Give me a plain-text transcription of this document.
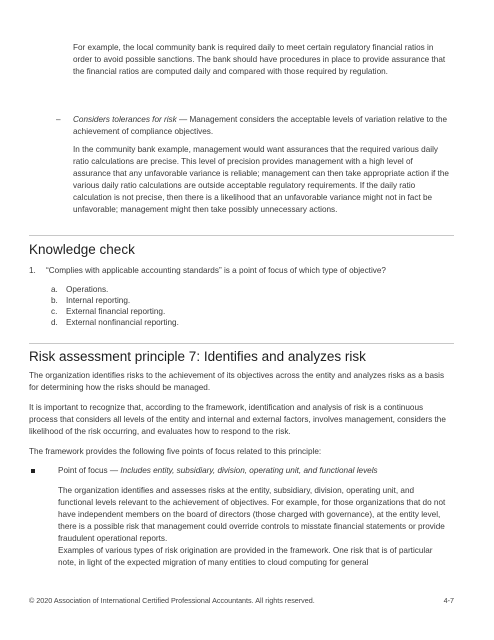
For example, the local community bank is required daily to meet certain regulatory financial ratios in order to avoid possible sanctions. The bank should have procedures in place to provide assurance that the financial ratios are computed daily and compared with those required by regulation.

–	Considers tolerances for risk — Management considers the acceptable levels of variation relative to the achievement of compliance objectives.

In the community bank example, management would want assurances that the required various daily ratio calculations are precise. This level of precision provides management with a high level of assurance that any unfavorable variance is reliable; management can then take appropriate action if the various daily ratio calculations are outside acceptable regulatory requirements. If the daily ratio calculation is not precise, then there is a likelihood that an unfavorable variance might not in fact be unfavorable; management might then take possibly unnecessary actions.

Knowledge check
1. “Complies with applicable accounting standards” is a point of focus of which type of objective?

a. Operations.
b. Internal reporting.
c. External financial reporting.
d. External nonfinancial reporting.
Risk assessment principle 7: Identifies and analyzes risk

The organization identifies risks to the achievement of its objectives across the entity and analyzes risks as a basis for determining how the risks should be managed.

It is important to recognize that, according to the framework, identification and analysis of risk is a continuous process that considers all levels of the entity and internal and external factors, involves management, considers the likelihood of the risk occurring, and evaluates how to respond to the risk.

The framework provides the following five points of focus related to this principle:

Point of focus — Includes entity, subsidiary, division, operating unit, and functional levels

The organization identifies and assesses risks at the entity, subsidiary, division, operating unit, and functional levels relevant to the achievement of objectives. For example, for those organizations that do not have independent members on the board of directors (those charged with governance), at the entity level, there is a possible risk that management could override controls to misstate financial statements or provide fraudulent operational reports.

Examples of various types of risk origination are provided in the framework. One risk that is of particular note, in light of the expected migration of many entities to cloud computing for general

© 2020 Association of International Certified Professional Accountants. All rights reserved.	4-7
